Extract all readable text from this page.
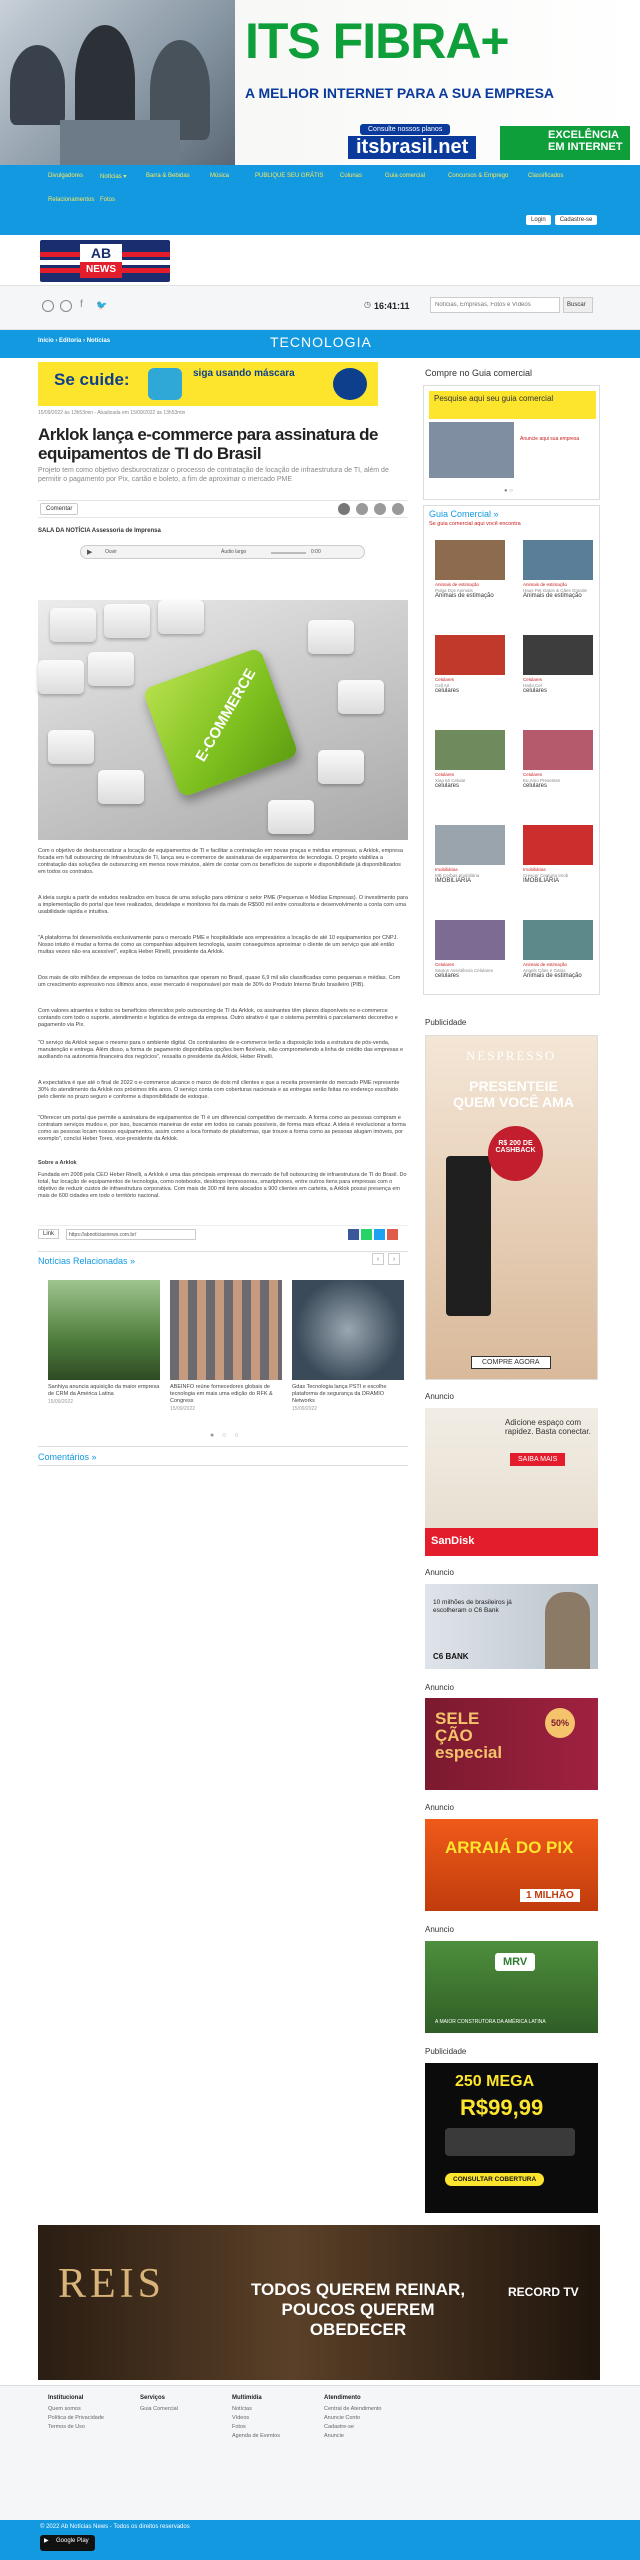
ITS FIBRA+
A MELHOR INTERNET PARA A SUA EMPRESA
Consulte nossos planos
itsbrasil.net
EXCELÊNCIA EM INTERNET
Divulgadores	Notícias ▾	Barra & Bebidas	Música	PUBLIQUE SEU GRÁTIS	Colunas	Guia comercial	Concursos & Emprego	Classificados
Relacionamentos Fotos
Login	Cadastre-se
AB
NEWS
f 🐦	◷ 16:41:11
Notícias, Empresas, Fotos e Vídeos	Buscar
Início › Editoria › Notícias	TECNOLOGIA
Se cuide:	siga usando máscara
15/09/2022 às 13h53min - Atualizada em 15/09/2022 às 13h53min
Arklok lança e-commerce para assinatura de equipamentos de TI do Brasil
Projeto tem como objetivo desburocratizar o processo de contratação de locação de infraestrutura de TI, além de permitir o pagamento por Pix, cartão e boleto, a fim de aproximar o mercado PME
Comentar
SALA DA NOTÍCIA Assessoria de Imprensa
▶	Ouvir	Áudio largo	0:00
E-COMMERCE

Com o objetivo de desburocratizar a locação de equipamentos de TI e facilitar a contratação em novas praças e médias empresas, a Arklok, empresa focada em full outsourcing de infraestrutura de TI, lança seu e-commerce de assinaturas de equipamentos de tecnologia. O projeto viabiliza a contratação das soluções de outsourcing em menos nove minutos, além de contar com os benefícios de suporte e disponibilidade já disponibilizados em todos os contratos.

A ideia surgiu a partir de estudos realizados em busca de uma solução para otimizar o setor PME (Pequenas e Médias Empresas). O investimento para a implementação do portal que teve realizados, desdelape e monitores foi da mais de R$500 mil entre consultoria e desenvolvimento a conta com uma usabilidade rápida e intuitiva.

"A plataforma foi desenvolvida exclusivamente para o mercado PME e hospitalidade aos empresários a locação de até 10 equipamentos por CNPJ. Nosso intuito é mudar a forma de como as companhias adquirem tecnologia, assim conseguimos aproximar o cliente de um serviço que até então muitas vezes não era acessível", explica Heber Rinelli, presidente da Arklok.

Dos mais de oito milhões de empresas de todos os tamanhos que operam no Brasil, quase 6,9 mil são classificadas como pequenas e médias. Com um crescimento expressivo nos últimos anos, esse mercado é responsável por mais de 30% do Produto Interno Bruto brasileiro (PIB).

Com valores atraentes e todos os benefícios oferecidos pelo outsourcing de TI da Arklok, os assinantes têm planos disponíveis no e-commerce contando com todo o suporte, atendimento e logística de entrega da empresa. Outro atrativo é que o sistema permitirá o parcelamento decoretivo e pagamento via Pix.

"O serviço da Arklok segue o mesmo para o ambiente digital. Os contratantes de e-commerce terão a disposição toda a estrutura de pós-venda, manutenção e entrega. Além disso, a forma de pagamento disponibiliza opções bem flexíveis, não comprometendo a linha de crédito das empresas e auxiliando na autonomia financeira dos negócios", ressalta o presidente da Arklok, Heber Rinelli.

A expectativa é que até o final de 2022 o e-commerce alcance o marco de dois mil clientes e que a receita proveniente do mercado PME represente 30% do atendimento da Arklok nos próximos três anos. O serviço conta com coberturas nacionais e as entregas serão feitas no endereço escolhido pelo cliente no prazo seguro e conforme a disponibilidade de estoque.

"Oferecer um portal que permite a assinatura de equipamentos de TI é um diferencial competitivo de mercado. A forma como as pessoas compram e contratam serviços mudou e, por isso, buscamos maneiras de estar em todos os canais possíveis, de forma mais eficaz. A ideia é revolucionar a forma como as pessoas locam nossos equipamentos, assim como a loca formato de plataformas, que trouxe a forma como as pessoas alugam imóveis, por exemplo", conclui Heber Tores, vice-presidente da Arklok.

Sobre a Arklok

Fundada em 2008 pela CEO Heber Rinelli, a Arklok é uma das principais empresas do mercado de full outsourcing de infraestrutura de TI do Brasil. Do total, faz locação de equipamentos de tecnologia, como notebooks, desktops impressoras, smartphones, entre outros itens para empresas com o objetivo de reduzir custos de infraestrutura corporativa. Com mais de 300 mil itens alocados a 900 clientes em carteira, a Arklok possui presença em mais de 600 cidades em todo o território nacional.

Link	https://abnoticiasnews.com.br/
Notícias Relacionadas »	‹	›
Sanhiya anuncia aquisição da maior empresa de CRM da América Latina
15/09/2022
ABEINFO reúne fornecedores globais de tecnologia em mais uma edição do RFK & Congress
15/09/2022
Gdas Tecnologia lança PSTI e escolhe plataforma de segurança da DRAMIO Networks
15/09/2022
● ○ ○
Comentários »
Compre no Guia comercial
Pesquise aqui seu guia comercial
Anuncie aqui sua empresa
● ○
Guia Comercial »
Se guia comercial aqui você encontra
Animais de estimação
Pulga Dos Animais
Animais de estimação
Animais de estimação
Haus Pet Gatos & Cães Grande
Animais de estimação
Celulares
Cell Art
celulares
Celulares
Harbi Cel
celulares
Celulares
Xiao Mi Celular
celulares
Celulares
Eu Amo Presentes
celulares
Imobiliárias
MB Cerbas Imobiliária
IMOBILIÁRIA
Imobiliárias
Crescer Centuria Imob
IMOBILIÁRIA
Celulares
Santos Assistência Celulares
celulares
Animais de estimação
Angels Cães e Gatos
Animais de estimação
Publicidade
NESPRESSO
PRESENTEIE QUEM VOCÊ AMA
R$ 200 DE CASHBACK
COMPRE AGORA
Anuncio
Adicione espaço com rapidez. Basta conectar.
SAIBA MAIS
SanDisk
Anuncio
10 milhões de brasileiros já escolheram o C6 Bank
C6 BANK
Anuncio
SELE ÇÃO especial
50%
Anuncio
ARRAIÁ DO PIX
1 MILHÃO
Anuncio
MRV
A MAIOR CONSTRUTORA DA AMÉRICA LATINA
Publicidade
250 MEGA
R$99,99
CONSULTAR COBERTURA
REIS	TODOS QUEREM REINAR, POUCOS QUEREM OBEDECER
RECORD TV
Institucional
Quem somos
Política de Privacidade
Termos de Uso
Serviços
Guia Comercial
Multimídia
Notícias
Vídeos
Fotos
Agenda de Eventos
Atendimento
Central de Atendimento
Anuncie Conto
Cadastre-se
Anuncie
© 2022 Ab Notícias News - Todos os direitos reservados
▶ Google Play
